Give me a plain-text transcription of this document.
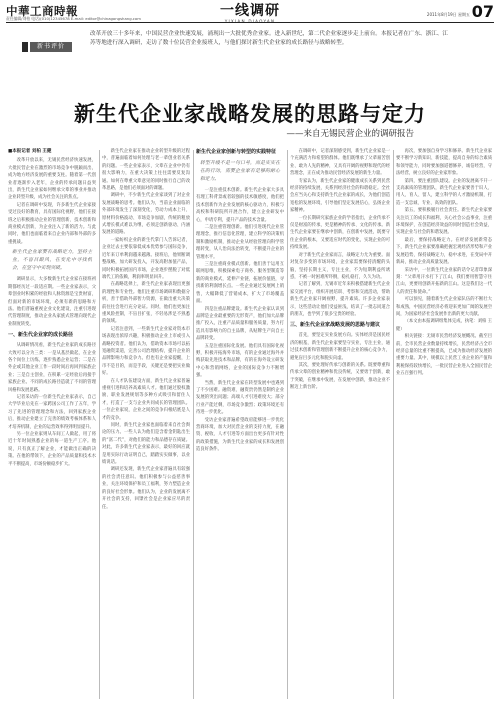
中華工商時報
责任编辑/刘柏 电话/(010)12345678 E-mail: editor@chinagongshang.com	一线调研	2011年8月19日 星期五 07
新书评价
改革开放三十多年来，中国民营企业快速发展，涌现出一大批优秀企业家。进入新世纪，第二代企业家逐步走上前台。本报记者在广东、浙江、江苏等地进行深入调研，走访了数十位民营企业接班人，与他们探讨新生代企业家的成长路径与战略转型。
新生代企业家战略发展的思路与定力
——来自无锡民营企业的调研报告

■本报记者 刘柏 王健

改革开放以来，无锡民营经济快速发展，大批民营企业在激烈的市场竞争中脱颖而出，成为地方经济发展的重要支柱。随着第一代创业者逐渐步入老年，企业的传承问题日益突出，新生代企业家如何继承父辈的事业并推动企业转型升级，成为社会关注的焦点。

记者在调研中发现，许多新生代企业家接受过良好的教育，具有国际化视野，他们在接班之后积极推动企业的管理创新、技术创新和商业模式创新，为企业注入了新的活力。与此同时，他们也面临着来自企业内部和外部的多重挑战。

新生代企业家要有战略定力，坚持主业，不盲目跟风，在变化中寻找机会，在坚守中实现突破。

调研显示，大多数新生代企业家在接班初期都经历过一段适应期。一些企业家表示，父辈创业时积累的经验和人脉资源是宝贵财富，但面对新的市场环境，必须有新的思路和方法。他们普遍重视企业文化建设，注重引进现代管理制度，推动企业从家族式管理向现代企业制度转变。

一、新生代企业家的成长路径

从调研情况看，新生代企业家的成长路径大致可以分为三类：一是从基层做起，在企业各个岗位上历练，逐步熟悉企业运营；二是在外企或其他企业工作一段时间后再回到家族企业；三是自主创业，在积累一定经验后再接手家族企业。不同的成长路径造就了不同的管理风格和发展思路。

记者采访的一位新生代企业家表示，自己大学毕业后先在一家跨国公司工作了五年，学习了先进的管理理念和方法，回到家族企业后，推动企业建立了完善的绩效考核体系和人才培养机制，企业的运营效率得到明显提升。

另一位企业家则从车间工人做起，用了将近十年时间熟悉企业的每一道生产工序。他说，只有真正了解企业，才能做出正确的决策。在他的带领下，企业的产品质量和技术水平不断提高，市场份额稳步扩大。

新生代企业家在推动企业转型升级的过程中，普遍面临着如何处理与老一辈创业者关系的问题。一些企业家表示，父辈在企业中仍有很大影响力，在重大决策上往往需要反复沟通。如何在尊重父辈意见的同时推行自己的改革思路，是他们必须面对的课题。

调研中，不少新生代企业家谈到了对企业发展战略的思考。他们认为，当前企业面临的外部环境发生了深刻变化，劳动力成本上升、原材料价格波动、市场竞争加剧，传统的粗放式增长模式难以为继，必须走创新驱动、内涵发展的道路。

一家纺织企业的新生代掌门人告诉记者，企业过去主要依靠低成本优势参与国际竞争，近年来订单利润越来越薄。接班后，他果断调整战略，加大研发投入，开发高附加值产品，同时积极拓展国内市场，企业逐步摆脱了对低端代工的依赖，利润率明显回升。

在战略选择上，新生代企业家表现出更强的理性和专业性。他们注重市场调研和数据分析，善于借助外部智力资源，在做出重大决策前往往会进行充分论证。同时，他们也更加注重风险控制，不盲目扩张，不轻易涉足不熟悉的领域。

记者注意到，一些新生代企业家对资本市场表现出浓厚兴趣，积极推动企业上市或引入战略投资者。他们认为，借助资本市场可以拓宽融资渠道，完善公司治理结构，提升企业的品牌影响力和竞争力。但也有企业家提醒，上市不是目的，而是手段，关键还是要把实业做好。

在人才队伍建设方面，新生代企业家普遍重视引进和培养高素质人才。他们通过股权激励、职业发展规划等多种方式吸引和留住人才，打造了一支与企业共同成长的管理团队。一位企业家说，企业之间的竞争归根结底是人才的竞争。

同时，新生代企业家也面临着来自社会舆论的压力。一些人认为他们是含着金钥匙出生的“富二代”，对他们的能力和品德存在质疑。对此，许多新生代企业家表示，最好的回应就是用实际行动证明自己，踏踏实实做事，以业绩说话。

调研还发现，新生代企业家普遍具有较强的社会责任意识。他们积极参与公益慈善事业，关注环境保护和员工福利，努力塑造企业的良好社会形象。他们认为，企业的发展离不开社会的支持，回馈社会是企业家应尽的责任。

新生代企业家创新与转型的实践特征

转型升级不是一句口号，而是实实在在的行动，需要企业家有足够的耐心和定力。

一是注重技术创新。新生代企业家大多具有理工科背景或者较强的技术敏感度，他们把技术创新作为企业发展的核心驱动力，积极与高校和科研院所开展合作，建立企业研发中心，申请专利，提升产品的技术含量。

二是注重管理创新。他们引进现代企业管理理念，推行信息化管理，建立科学的决策机制和激励机制，推动企业从经验管理向科学管理转变，从人治向法治转变，不断提升企业的管理水平。

三是注重商业模式创新。他们善于运用互联网思维，积极探索电子商务、服务型制造等新的商业模式，延伸产业链，拓展价值链，寻找新的利润增长点。一些企业通过发展网上销售，大幅降低了营销成本，扩大了市场覆盖面。

四是注重品牌建设。新生代企业家认识到品牌是企业最重要的无形资产，他们加大品牌推广投入，注重产品质量和服务质量，努力打造具有影响力的自主品牌，从贴牌生产向自主品牌转变。

五是注重国际化发展。他们具有国际化视野，积极开拓海外市场，有的企业通过海外并购获取先进技术和品牌，有的在海外设立研发中心和营销网络，企业的国际竞争力不断增强。

当然，新生代企业家在转型发展中也遇到了不少困难。融资难、融资贵仍然是制约企业发展的突出问题；高端人才引进难度大；部分行业产能过剩，市场竞争激烈；政策环境还有待进一步优化。

受访企业家普遍希望政府能够进一步优化营商环境，加大对民营企业的支持力度，在融资、税收、人才引进等方面出台更多有针对性的政策措施，为新生代企业家的成长和发展创造良好条件。

在调研中，记者深刻感受到，新生代企业家是一个充满活力和希望的群体。他们既继承了父辈艰苦创业、敢为人先的精神，又具有开阔的视野和现代的经营理念，正在成为推动民营经济发展的新生力量。

专家认为，新生代企业家的健康成长关系到民营经济的持续发展，关系到经济社会的和谐稳定。全社会应当关心和支持新生代企业家的成长，为他们创造宽松的发展环境，引导他们坚定发展信心，弘扬企业家精神。

一位长期研究家族企业的学者指出，企业传承不仅是财富的传承，更是精神的传承、文化的传承。新生代企业家要在继承中创新，在创新中发展，既要守住企业的根本，又要适应时代的变化，实现企业的可持续发展。

对于新生代企业家而言，战略定力尤为重要。面对复杂多变的市场环境，企业家需要保持清醒的头脑，坚持长期主义，专注主业，不为短期利益所诱惑，不被一时困难所吓倒，稳扎稳打，久久为功。

记者了解到，无锡市近年来积极搭建新生代企业家交流平台，组织开展培训、考察和交流活动，帮助新生代企业家开阔视野、提升素质。许多企业家表示，这些活动让他们受益匪浅，结识了一批志同道合的朋友，也学到了很多宝贵的经验。

三、新生代企业家战略发展的思路与建议

首先，要坚定实业发展方向。实体经济是国民经济的根基，新生代企业家要坚守实业，专注主业，通过技术创新和管理创新不断提升企业的核心竞争力，避免盲目多元化和脱实向虚。

其次，要处理好传承与创新的关系。既要尊重和传承父辈的创业精神和优良传统，又要勇于创新，敢于突破，在继承中发展，在发展中创新，推动企业不断迈上新台阶。

再次，要加强自身学习和修养。新生代企业家要不断学习新知识、新技能，提高自身的综合素质和领导能力，同时要加强道德修养，诚信经营，守法经营，树立良好的企业家形象。

第四，要注重团队建设。企业的发展离不开一支高素质的管理团队，新生代企业家要善于识人、用人、育人、留人，建立科学的人才激励机制，打造一支忠诚、专业、高效的团队。

第五，要积极履行社会责任。新生代企业家要关注员工的成长和福利，关心社会公益事业，注重环境保护，在创造经济效益的同时创造社会效益，实现企业与社会的和谐发展。

最后，要保持战略定力。在经济发展新常态下，新生代企业家要准确把握宏观经济形势和产业发展趋势，保持战略定力，稳中求进，在变局中开新局，推动企业高质量发展。

采访中，一位新生代企业家的话令记者印象深刻：“父辈用汗水打下了江山，我们要用智慧守住江山，更要用创新开拓新的江山。这是我们这一代人的责任和使命。”

可以预见，随着新生代企业家队伍的不断壮大和成熟，中国民营经济必将迎来更加广阔的发展空间，为国家经济社会发展作出新的更大贡献。

（本文由本报调研组集体完成，执笔：刘柏 王健）

相关链接：无锡市民营经济发展概况。截至目前，全市民营企业数量持续增长，民营经济占全市经济总量的比重不断提高，已成为推动经济发展的重要力量。其中，规模以上民营工业企业的产值和利税保持较快增长，一批民营企业进入全国民营企业五百强行列。
